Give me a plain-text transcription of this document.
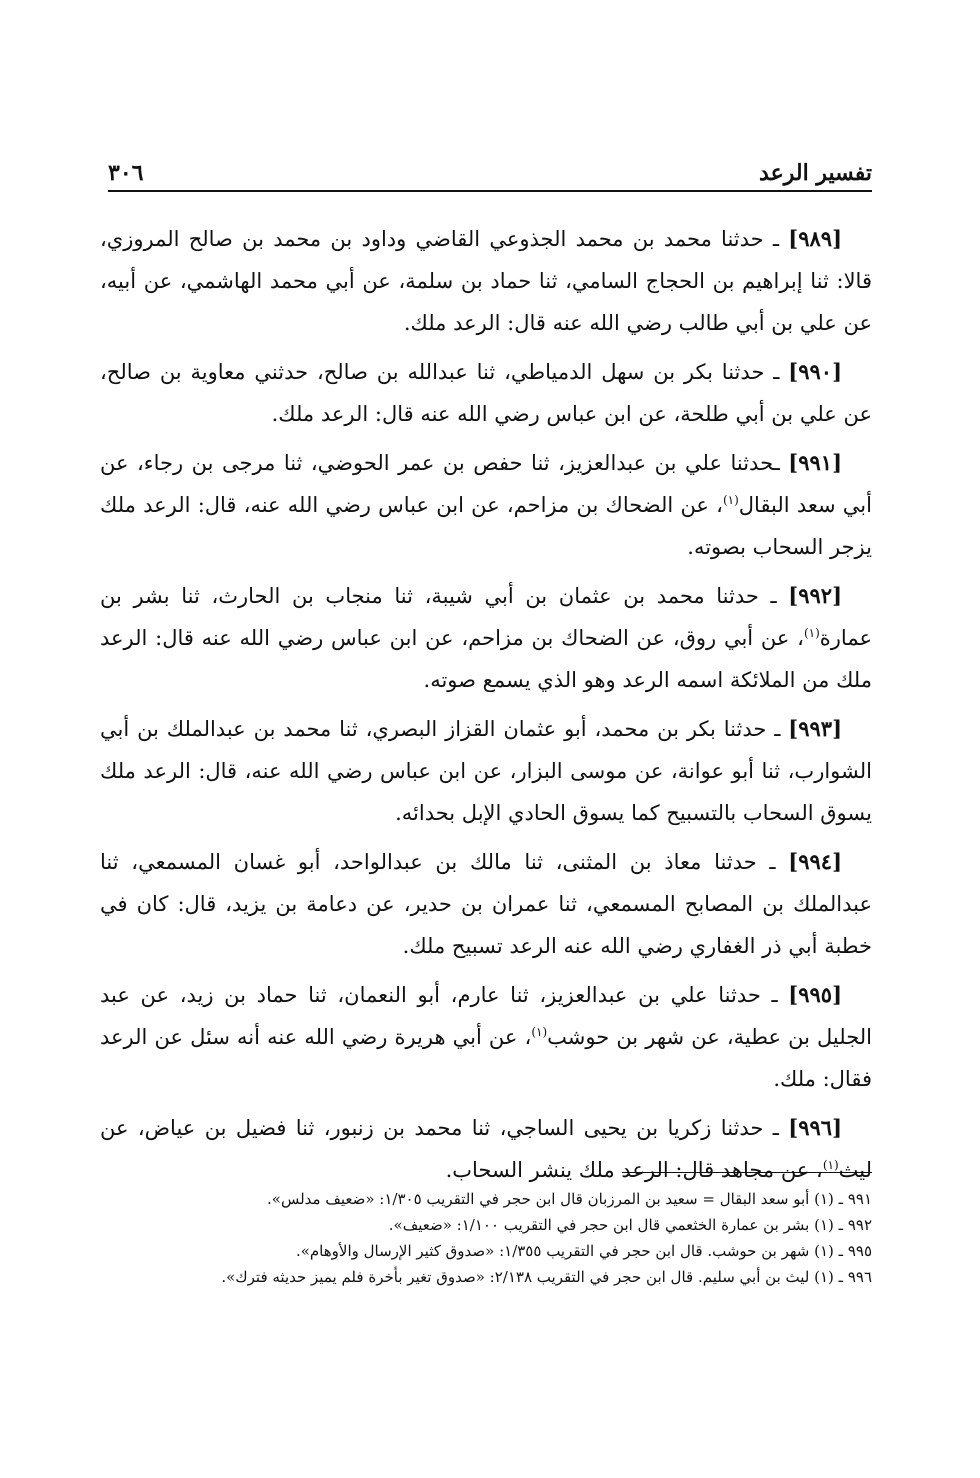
تفسير الرعد
٣٠٦

[٩٨٩] ـ حدثنا محمد بن محمد الجذوعي القاضي وداود بن محمد بن صالح المروزي، قالا: ثنا إبراهيم بن الحجاج السامي، ثنا حماد بن سلمة، عن أبي محمد الهاشمي، عن أبيه، عن علي بن أبي طالب رضي الله عنه قال: الرعد ملك.

[٩٩٠] ـ حدثنا بكر بن سهل الدمياطي، ثنا عبدالله بن صالح، حدثني معاوية بن صالح، عن علي بن أبي طلحة، عن ابن عباس رضي الله عنه قال: الرعد ملك.

[٩٩١] ـحدثنا علي بن عبدالعزيز، ثنا حفص بن عمر الحوضي، ثنا مرجى بن رجاء، عن أبي سعد البقال$^{(١)}$، عن الضحاك بن مزاحم، عن ابن عباس رضي الله عنه، قال: الرعد ملك يزجر السحاب بصوته.

[٩٩٢] ـ حدثنا محمد بن عثمان بن أبي شيبة، ثنا منجاب بن الحارث، ثنا بشر بن عمارة$^{(١)}$، عن أبي روق، عن الضحاك بن مزاحم، عن ابن عباس رضي الله عنه قال: الرعد ملك من الملائكة اسمه الرعد وهو الذي يسمع صوته.

[٩٩٣] ـ حدثنا بكر بن محمد، أبو عثمان القزاز البصري، ثنا محمد بن عبدالملك بن أبي الشوارب، ثنا أبو عوانة، عن موسى البزار، عن ابن عباس رضي الله عنه، قال: الرعد ملك يسوق السحاب بالتسبيح كما يسوق الحادي الإبل بحدائه.

[٩٩٤] ـ حدثنا معاذ بن المثنى، ثنا مالك بن عبدالواحد، أبو غسان المسمعي، ثنا عبدالملك بن المصابح المسمعي، ثنا عمران بن حدير، عن دعامة بن يزيد، قال: كان في خطبة أبي ذر الغفاري رضي الله عنه الرعد تسبيح ملك.

[٩٩٥] ـ حدثنا علي بن عبدالعزيز، ثنا عارم، أبو النعمان، ثنا حماد بن زيد، عن عبد الجليل بن عطية، عن شهر بن حوشب$^{(١)}$، عن أبي هريرة رضي الله عنه أنه سئل عن الرعد فقال: ملك.

[٩٩٦] ـ حدثنا زكريا بن يحيى الساجي، ثنا محمد بن زنبور، ثنا فضيل بن عياض، عن ليث$^{(١)}$، عن مجاهد قال: الرعد ملك ينشر السحاب.

٩٩١ ـ (١) أبو سعد البقال = سعيد بن المرزبان قال ابن حجر في التقريب ١/٣٠٥: «ضعيف مدلس».

٩٩٢ ـ (١) بشر بن عمارة الخثعمي قال ابن حجر في التقريب ١/١٠٠: «ضعيف».

٩٩٥ ـ (١) شهر بن حوشب. قال ابن حجر في التقريب ١/٣٥٥: «صدوق كثير الإرسال والأوهام».

٩٩٦ ـ (١) ليث بن أبي سليم. قال ابن حجر في التقريب ٢/١٣٨: «صدوق تغير بأخرة فلم يميز حديثه فترك».
